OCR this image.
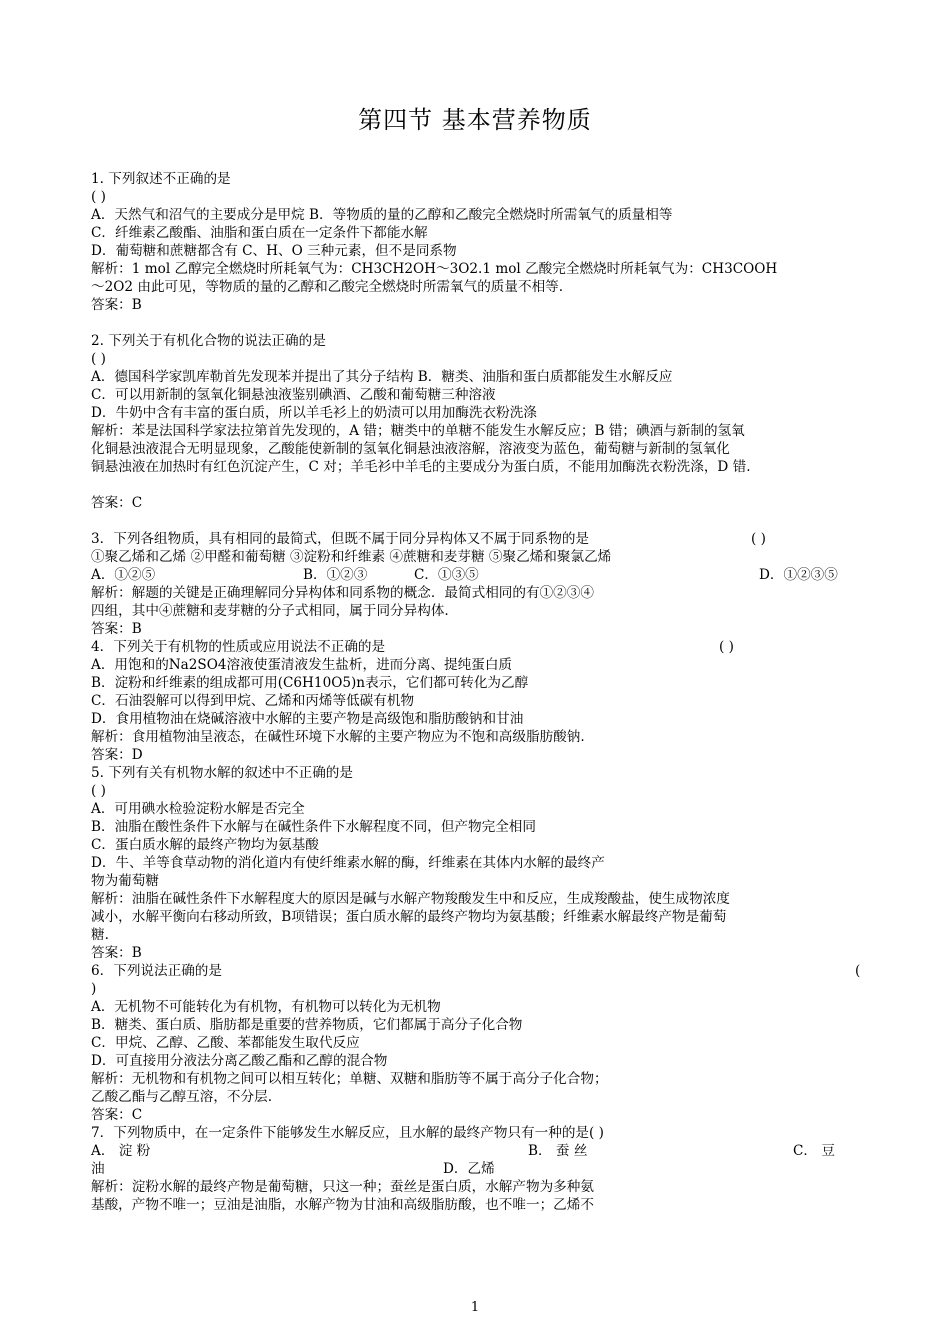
第四节 基本营养物质
1. 下列叙述不正确的是
( )
A．天然气和沼气的主要成分是甲烷 B．等物质的量的乙醇和乙酸完全燃烧时所需氧气的质量相等
C．纤维素乙酸酯、油脂和蛋白质在一定条件下都能水解
D．葡萄糖和蔗糖都含有 C、H、O 三种元素，但不是同系物
解析：1 mol 乙醇完全燃烧时所耗氧气为：CH3CH2OH～3O2.1 mol 乙酸完全燃烧时所耗氧气为：CH3COOH
～2O2 由此可见，等物质的量的乙醇和乙酸完全燃烧时所需氧气的质量不相等.
答案：B
2. 下列关于有机化合物的说法正确的是
( )
A．德国科学家凯库勒首先发现苯并提出了其分子结构 B．糖类、油脂和蛋白质都能发生水解反应
C．可以用新制的氢氧化铜悬浊液鉴别碘酒、乙酸和葡萄糖三种溶液
D．牛奶中含有丰富的蛋白质，所以羊毛衫上的奶渍可以用加酶洗衣粉洗涤
解析：苯是法国科学家法拉第首先发现的，A 错；糖类中的单糖不能发生水解反应；B 错；碘酒与新制的氢氧
化铜悬浊液混合无明显现象，乙酸能使新制的氢氧化铜悬浊液溶解，溶液变为蓝色，葡萄糖与新制的氢氧化
铜悬浊液在加热时有红色沉淀产生，C 对；羊毛衫中羊毛的主要成分为蛋白质，不能用加酶洗衣粉洗涤，D 错.
答案：C
3．下列各组物质，具有相同的最简式，但既不属于同分异构体又不属于同系物的是	( )
①聚乙烯和乙烯 ②甲醛和葡萄糖 ③淀粉和纤维素 ④蔗糖和麦芽糖 ⑤聚乙烯和聚氯乙烯
A．①②⑤	B．①②③	C．①③⑤	D．①②③⑤
解析：解题的关键是正确理解同分异构体和同系物的概念．最简式相同的有①②③④
四组，其中④蔗糖和麦芽糖的分子式相同，属于同分异构体.
答案：B
4．下列关于有机物的性质或应用说法不正确的是	( )
A．用饱和的Na2SO4溶液使蛋清液发生盐析，进而分离、提纯蛋白质
B．淀粉和纤维素的组成都可用(C6H10O5)n表示，它们都可转化为乙醇
C．石油裂解可以得到甲烷、乙烯和丙烯等低碳有机物
D．食用植物油在烧碱溶液中水解的主要产物是高级饱和脂肪酸钠和甘油
解析：食用植物油呈液态，在碱性环境下水解的主要产物应为不饱和高级脂肪酸钠.
答案：D
5. 下列有关有机物水解的叙述中不正确的是
( )
A．可用碘水检验淀粉水解是否完全
B．油脂在酸性条件下水解与在碱性条件下水解程度不同，但产物完全相同
C．蛋白质水解的最终产物均为氨基酸
D．牛、羊等食草动物的消化道内有使纤维素水解的酶，纤维素在其体内水解的最终产
物为葡萄糖
解析：油脂在碱性条件下水解程度大的原因是碱与水解产物羧酸发生中和反应，生成羧酸盐，使生成物浓度
减小，水解平衡向右移动所致，B项错误；蛋白质水解的最终产物均为氨基酸；纤维素水解最终产物是葡萄
糖.
答案：B
6．下列说法正确的是	(
)
A．无机物不可能转化为有机物，有机物可以转化为无机物
B．糖类、蛋白质、脂肪都是重要的营养物质，它们都属于高分子化合物
C．甲烷、乙醇、乙酸、苯都能发生取代反应
D．可直接用分液法分离乙酸乙酯和乙醇的混合物
解析：无机物和有机物之间可以相互转化；单糖、双糖和脂肪等不属于高分子化合物；
乙酸乙酯与乙醇互溶，不分层.
答案：C
7．下列物质中，在一定条件下能够发生水解反应，且水解的最终产物只有一种的是( )
A． 淀 粉	B． 蚕 丝	C． 豆
油	D．乙烯
解析：淀粉水解的最终产物是葡萄糖，只这一种；蚕丝是蛋白质，水解产物为多种氨
基酸，产物不唯一；豆油是油脂，水解产物为甘油和高级脂肪酸，也不唯一；乙烯不
1
